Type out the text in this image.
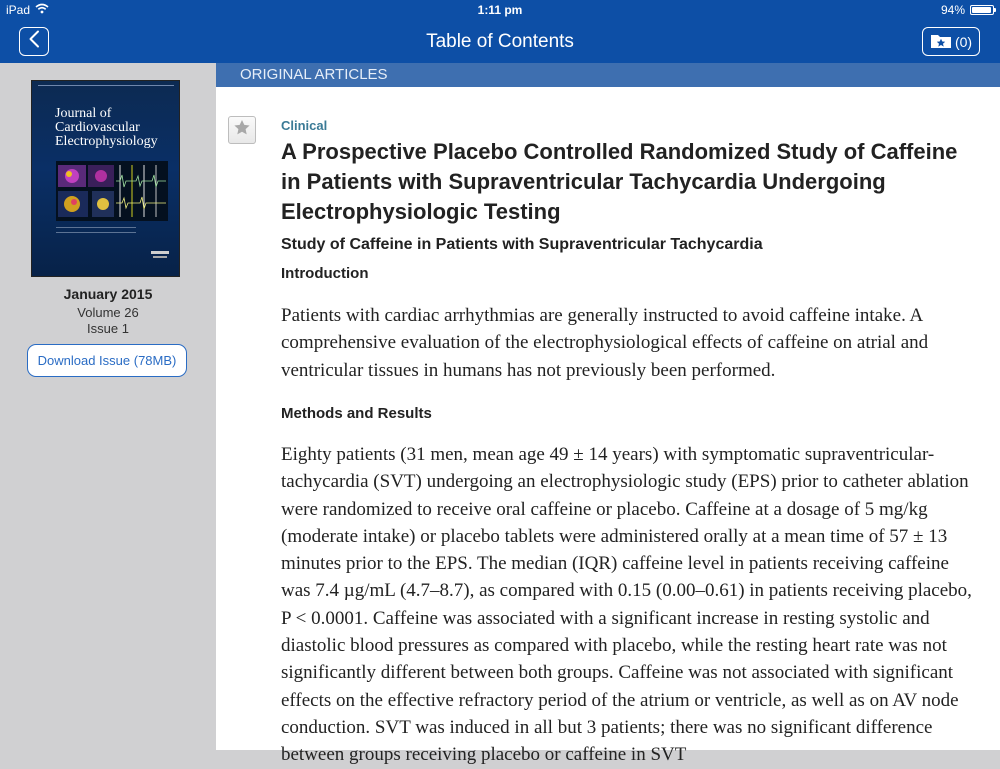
iPad	1:11 pm	94%
Table of Contents	(0)
Journal of Cardiovascular Electrophysiology
January 2015
Volume 26
Issue 1
Download Issue (78MB)
ORIGINAL ARTICLES
Clinical
A Prospective Placebo Controlled Randomized Study of Caffeine in Patients with Supraventricular Tachycardia Undergoing Electrophysiologic Testing
Study of Caffeine in Patients with Supraventricular Tachycardia
Introduction
Patients with cardiac arrhythmias are generally instructed to avoid caffeine intake. A comprehensive evaluation of the electrophysiological effects of caffeine on atrial and ventricular tissues in humans has not previously been performed.
Methods and Results
Eighty patients (31 men, mean age 49 ± 14 years) with symptomatic supraventricular-tachycardia (SVT) undergoing an electrophysiologic study (EPS) prior to catheter ablation were randomized to receive oral caffeine or placebo. Caffeine at a dosage of 5 mg/kg (moderate intake) or placebo tablets were administered orally at a mean time of 57 ± 13 minutes prior to the EPS. The median (IQR) caffeine level in patients receiving caffeine was 7.4 µg/mL (4.7–8.7), as compared with 0.15 (0.00–0.61) in patients receiving placebo, P < 0.0001. Caffeine was associated with a significant increase in resting systolic and diastolic blood pressures as compared with placebo, while the resting heart rate was not significantly different between both groups. Caffeine was not associated with significant effects on the effective refractory period of the atrium or ventricle, as well as on AV node conduction. SVT was induced in all but 3 patients; there was no significant difference between groups receiving placebo or caffeine in SVT
